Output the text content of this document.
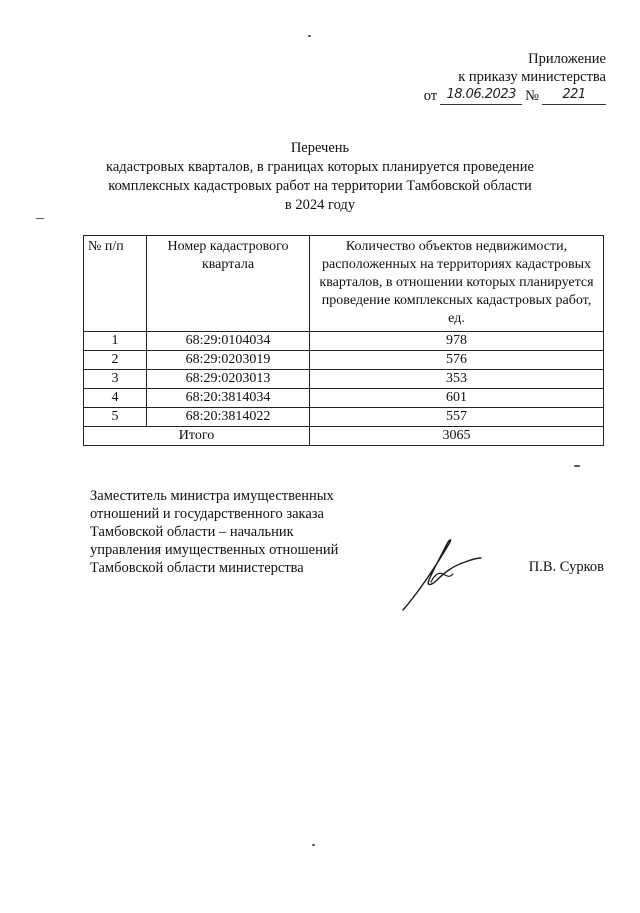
Приложение
к приказу министерства
от 18.06.2023 №	221
Перечень
кадастровых кварталов, в границах которых планируется проведение
комплексных кадастровых работ на территории Тамбовской области
в 2024 году
№ п/п	Номер кадастрового квартала	Количество объектов недвижимости, расположенных на территориях кадастровых кварталов, в отношении которых планируется проведение комплексных кадастровых работ, ед.
1	68:29:0104034	978
2	68:29:0203019	576
3	68:29:0203013	353
4	68:20:3814034	601
5	68:20:3814022	557
Итого		3065
Заместитель министра имущественных
отношений и государственного заказа
Тамбовской области – начальник
управления имущественных отношений
Тамбовской области министерства	П.В. Сурков
